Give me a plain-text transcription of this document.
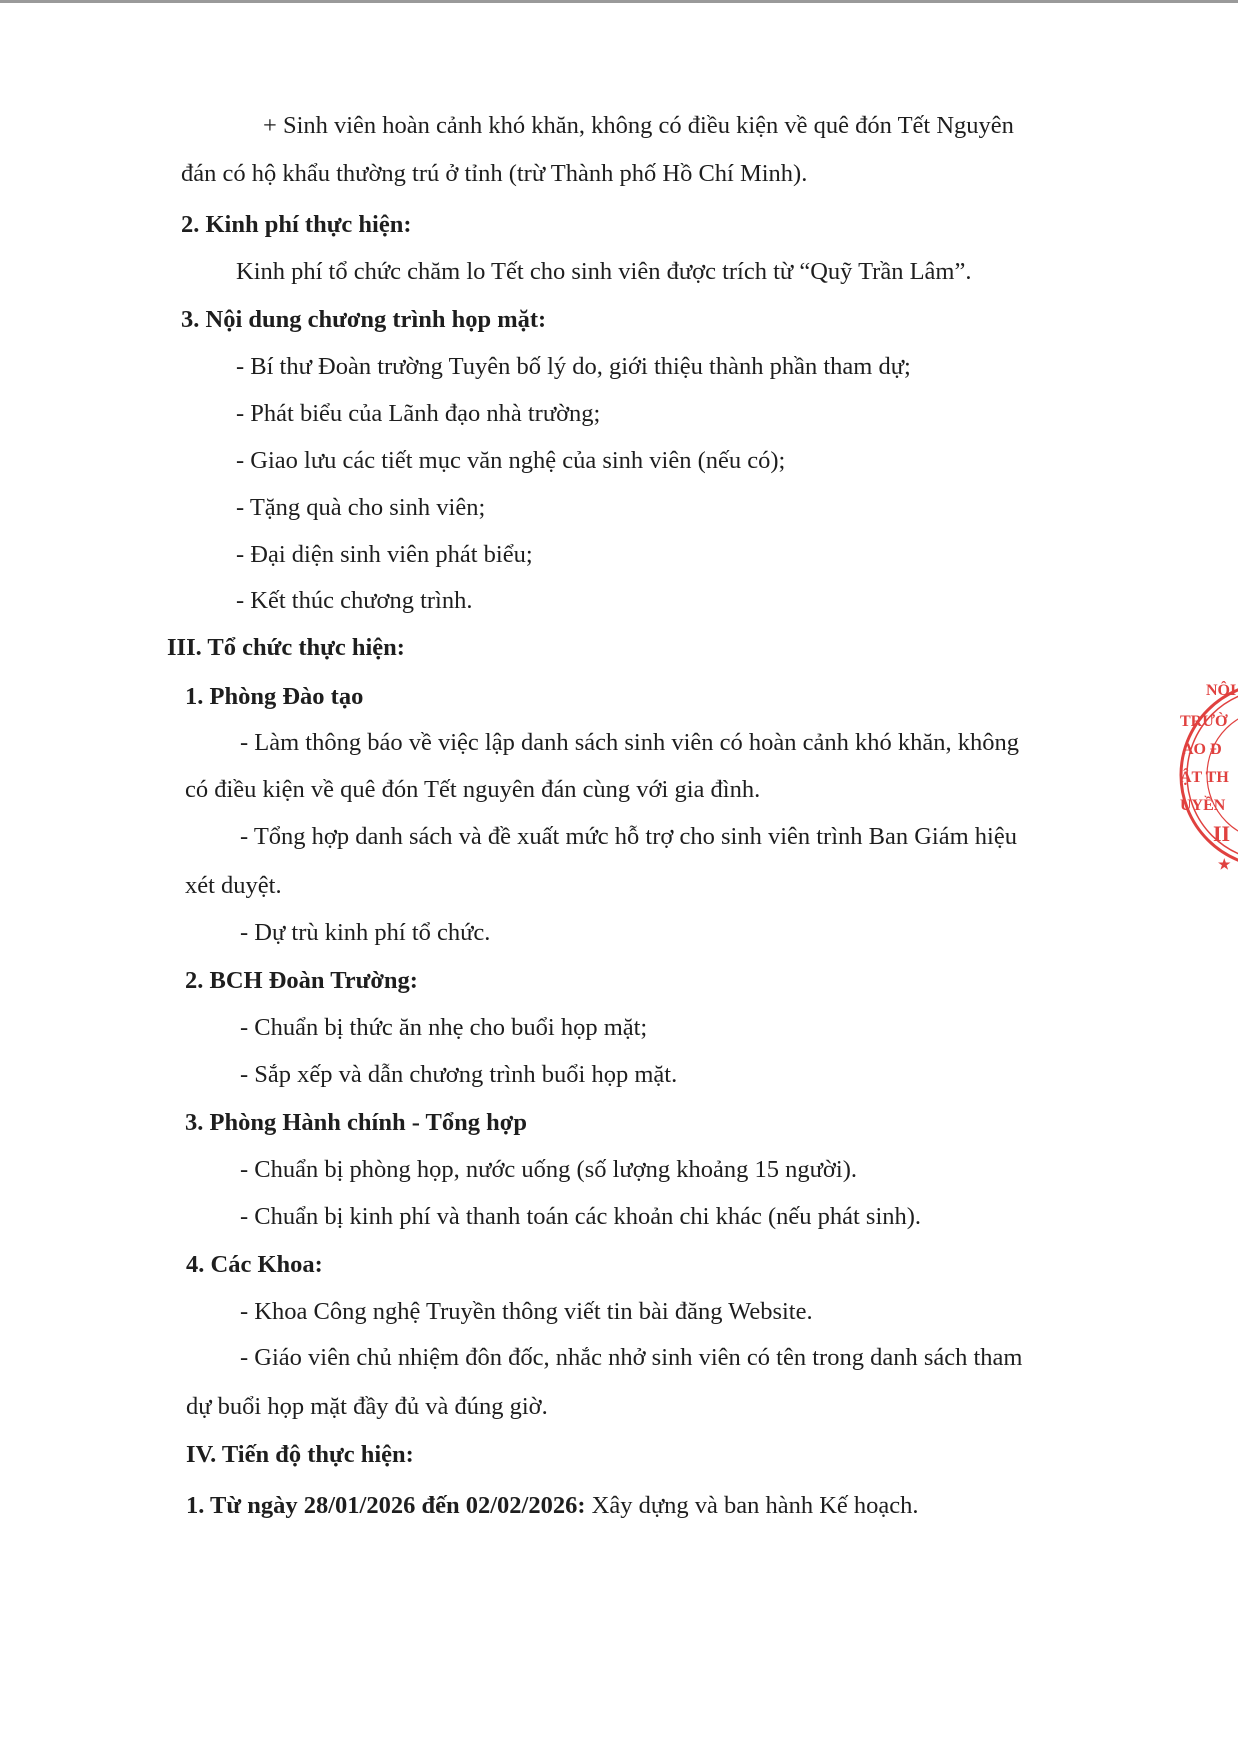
+ Sinh viên hoàn cảnh khó khăn, không có điều kiện về quê đón Tết Nguyên
đán có hộ khẩu thường trú ở tỉnh (trừ Thành phố Hồ Chí Minh).
2. Kinh phí thực hiện:
Kinh phí tổ chức chăm lo Tết cho sinh viên được trích từ “Quỹ Trần Lâm”.
3. Nội dung chương trình họp mặt:
- Bí thư Đoàn trường Tuyên bố lý do, giới thiệu thành phần tham dự;
- Phát biểu của Lãnh đạo nhà trường;
- Giao lưu các tiết mục văn nghệ của sinh viên (nếu có);
- Tặng quà cho sinh viên;
- Đại diện sinh viên phát biểu;
- Kết thúc chương trình.
III. Tổ chức thực hiện:
1. Phòng Đào tạo
- Làm thông báo về việc lập danh sách sinh viên có hoàn cảnh khó khăn, không
có điều kiện về quê đón Tết nguyên đán cùng với gia đình.
- Tổng hợp danh sách và đề xuất mức hỗ trợ cho sinh viên trình Ban Giám hiệu
xét duyệt.
- Dự trù kinh phí tổ chức.
2. BCH Đoàn Trường:
- Chuẩn bị thức ăn nhẹ cho buổi họp mặt;
- Sắp xếp và dẫn chương trình buổi họp mặt.
3. Phòng Hành chính - Tổng hợp
- Chuẩn bị phòng họp, nước uống (số lượng khoảng 15 người).
- Chuẩn bị kinh phí và thanh toán các khoản chi khác (nếu phát sinh).
4. Các Khoa:
- Khoa Công nghệ Truyền thông viết tin bài đăng Website.
- Giáo viên chủ nhiệm đôn đốc, nhắc nhở sinh viên có tên trong danh sách tham
dự buổi họp mặt đầy đủ và đúng giờ.
IV. Tiến độ thực hiện:
1. Từ ngày 28/01/2026 đến 02/02/2026: Xây dựng và ban hành Kế hoạch.
NỘI
TRƯỜ
AO Đ
ẬT TH
UYỀN
II
★
